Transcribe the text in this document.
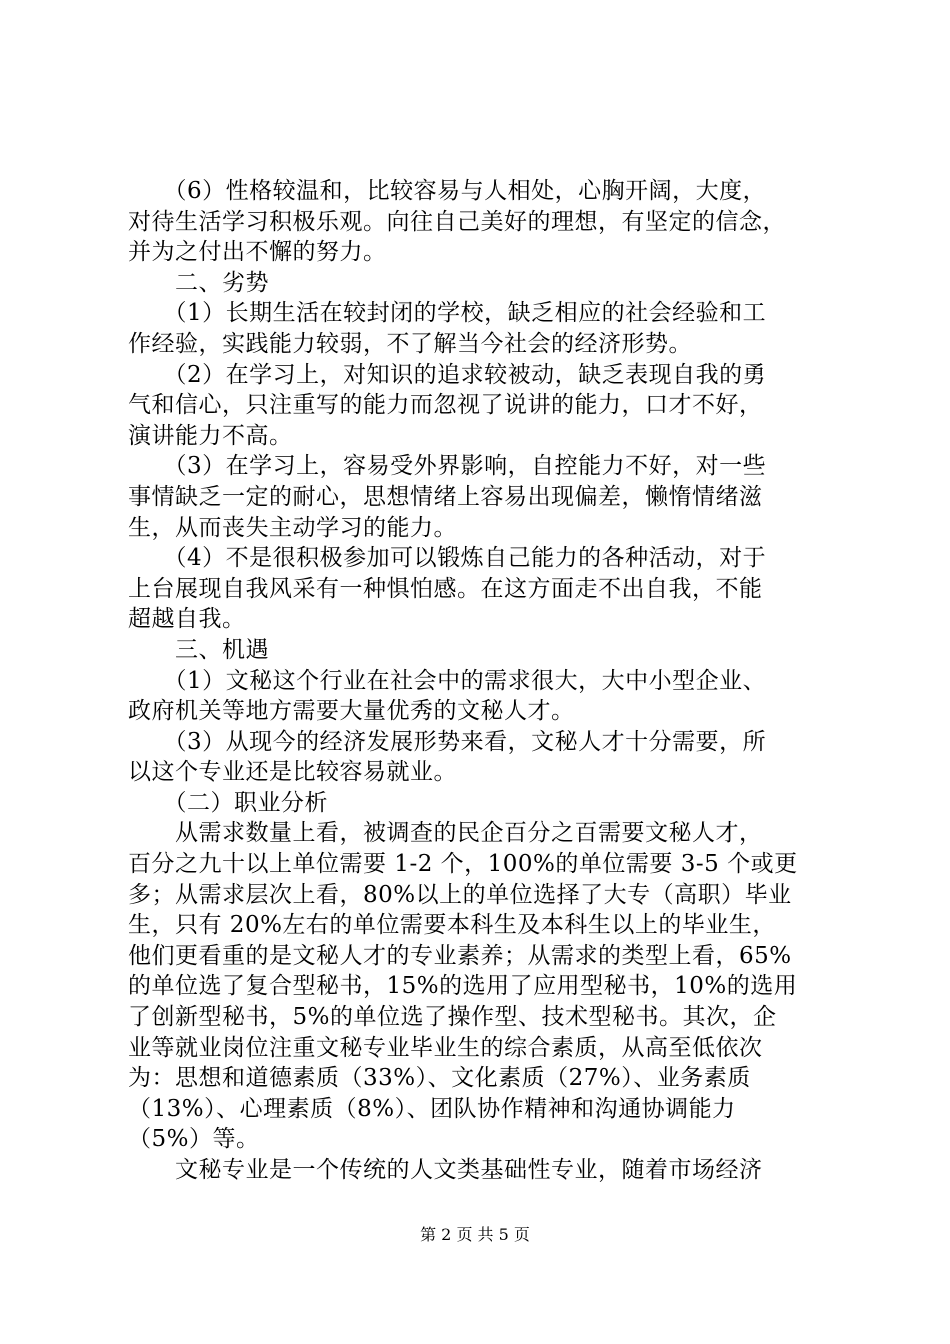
　　（6）性格较温和，比较容易与人相处，心胸开阔，大度，
对待生活学习积极乐观。向往自己美好的理想，有坚定的信念，
并为之付出不懈的努力。
　　二、劣势
　　（1）长期生活在较封闭的学校，缺乏相应的社会经验和工
作经验，实践能力较弱，不了解当今社会的经济形势。
　　（2）在学习上，对知识的追求较被动，缺乏表现自我的勇
气和信心，只注重写的能力而忽视了说讲的能力，口才不好，
演讲能力不高。
　　（3）在学习上，容易受外界影响，自控能力不好，对一些
事情缺乏一定的耐心，思想情绪上容易出现偏差，懒惰情绪滋
生，从而丧失主动学习的能力。
　　（4）不是很积极参加可以锻炼自己能力的各种活动，对于
上台展现自我风采有一种惧怕感。在这方面走不出自我，不能
超越自我。
　　三、机遇
　　（1）文秘这个行业在社会中的需求很大，大中小型企业、
政府机关等地方需要大量优秀的文秘人才。
　　（3）从现今的经济发展形势来看，文秘人才十分需要，所
以这个专业还是比较容易就业。
　　（二）职业分析
　　从需求数量上看，被调查的民企百分之百需要文秘人才，
百分之九十以上单位需要 1-2 个，100%的单位需要 3-5 个或更
多；从需求层次上看，80%以上的单位选择了大专（高职）毕业
生，只有 20%左右的单位需要本科生及本科生以上的毕业生，
他们更看重的是文秘人才的专业素养；从需求的类型上看，65%
的单位选了复合型秘书，15%的选用了应用型秘书，10%的选用
了创新型秘书，5%的单位选了操作型、技术型秘书。其次，企
业等就业岗位注重文秘专业毕业生的综合素质，从高至低依次
为：思想和道德素质（33%）、文化素质（27%）、业务素质
（13%）、心理素质（8%）、团队协作精神和沟通协调能力
（5%）等。
　　文秘专业是一个传统的人文类基础性专业，随着市场经济
第 2 页 共 5 页
